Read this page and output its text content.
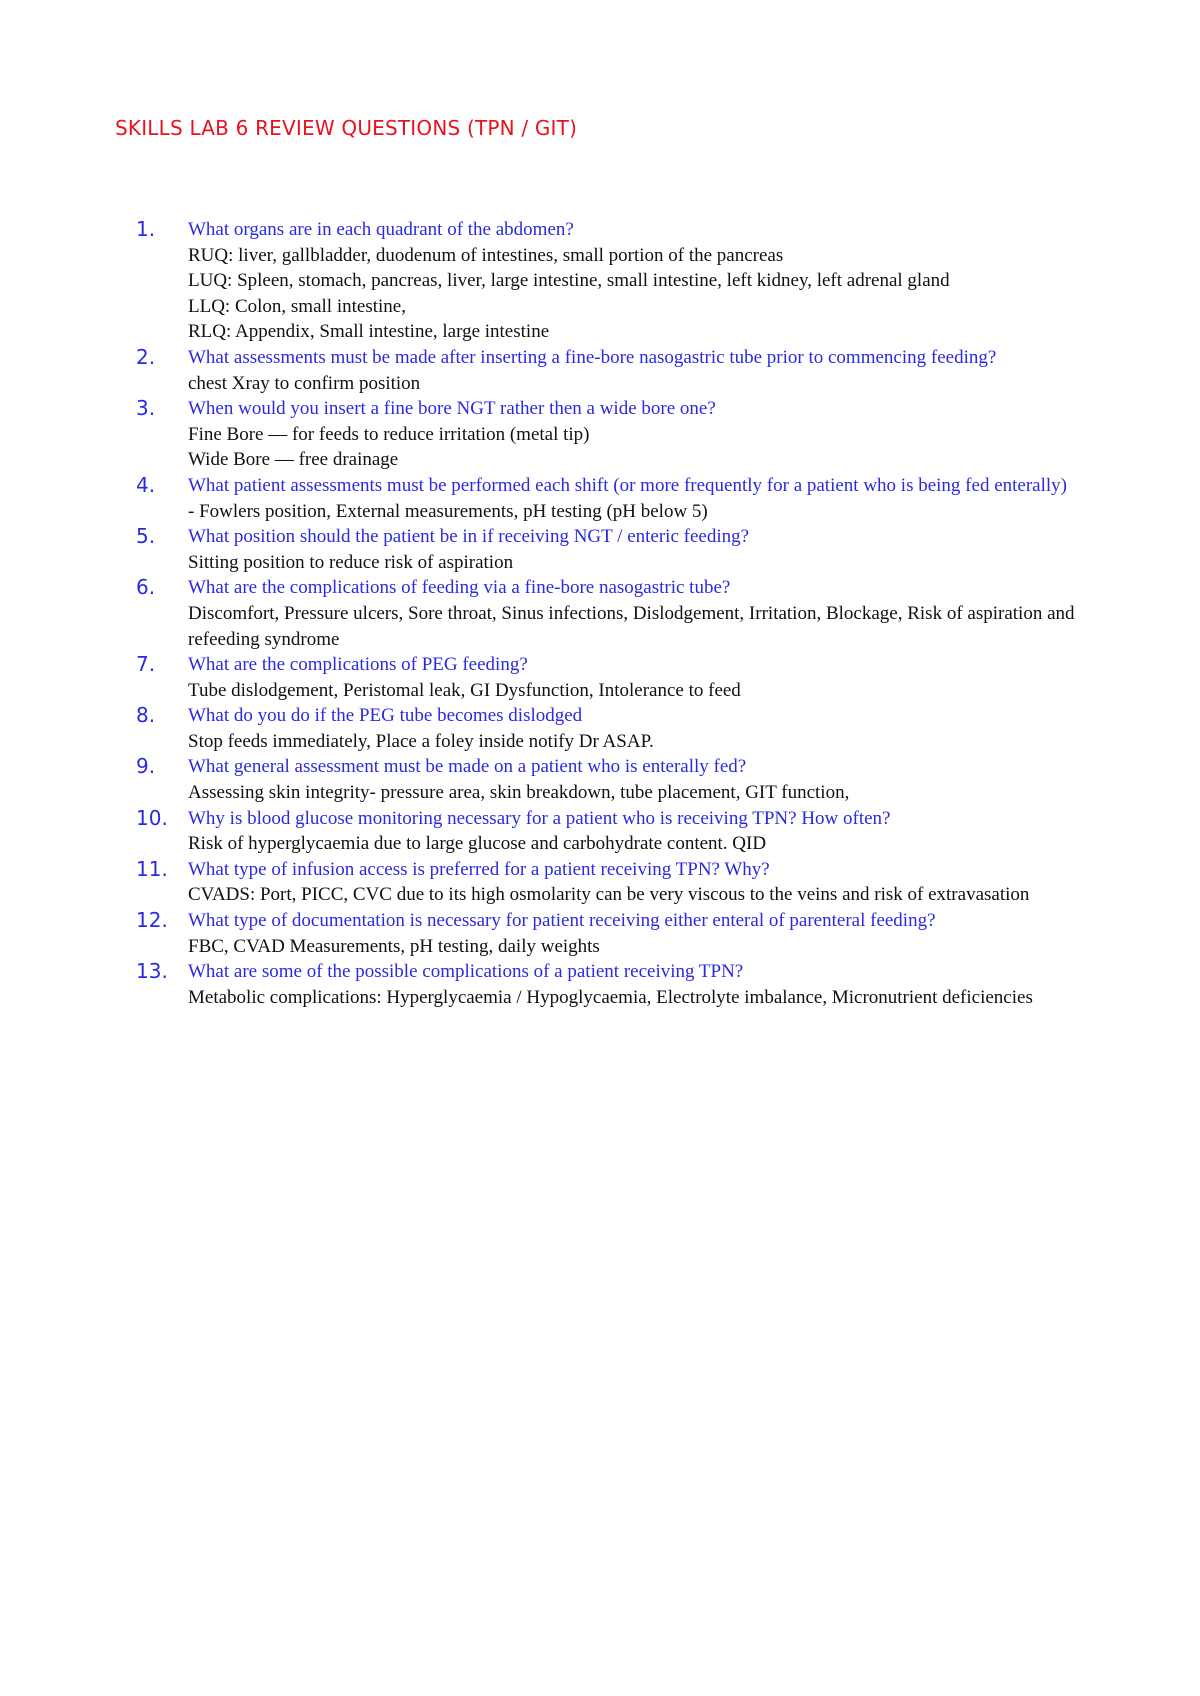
SKILLS LAB 6 REVIEW QUESTIONS (TPN / GIT)
1. What organs are in each quadrant of the abdomen?

RUQ: liver, gallbladder, duodenum of intestines, small portion of the pancreas

LUQ: Spleen, stomach, pancreas, liver, large intestine, small intestine, left kidney, left adrenal gland

LLQ: Colon, small intestine,

RLQ: Appendix, Small intestine, large intestine

2. What assessments must be made after inserting a fine-bore nasogastric tube prior to commencing feeding?

chest Xray to confirm position

3. When would you insert a fine bore NGT rather then a wide bore one?

Fine Bore — for feeds to reduce irritation (metal tip)

Wide Bore — free drainage

4. What patient assessments must be performed each shift (or more frequently for a patient who is being fed enterally)

- Fowlers position, External measurements, pH testing (pH below 5)

5. What position should the patient be in if receiving NGT / enteric feeding?

Sitting position to reduce risk of aspiration

6. What are the complications of feeding via a fine-bore nasogastric tube?

Discomfort, Pressure ulcers, Sore throat, Sinus infections, Dislodgement, Irritation, Blockage, Risk of aspiration and refeeding syndrome

7. What are the complications of PEG feeding?

Tube dislodgement, Peristomal leak, GI Dysfunction, Intolerance to feed

8. What do you do if the PEG tube becomes dislodged

Stop feeds immediately, Place a foley inside notify Dr ASAP.

9. What general assessment must be made on a patient who is enterally fed?

Assessing skin integrity- pressure area, skin breakdown, tube placement, GIT function,

10. Why is blood glucose monitoring necessary for a patient who is receiving TPN? How often?

Risk of hyperglycaemia due to large glucose and carbohydrate content. QID

11. What type of infusion access is preferred for a patient receiving TPN? Why?

CVADS: Port, PICC, CVC due to its high osmolarity can be very viscous to the veins and risk of extravasation

12. What type of documentation is necessary for patient receiving either enteral of parenteral feeding?

FBC, CVAD Measurements, pH testing, daily weights

13. What are some of the possible complications of a patient receiving TPN?

Metabolic complications: Hyperglycaemia / Hypoglycaemia, Electrolyte imbalance, Micronutrient deficiencies
